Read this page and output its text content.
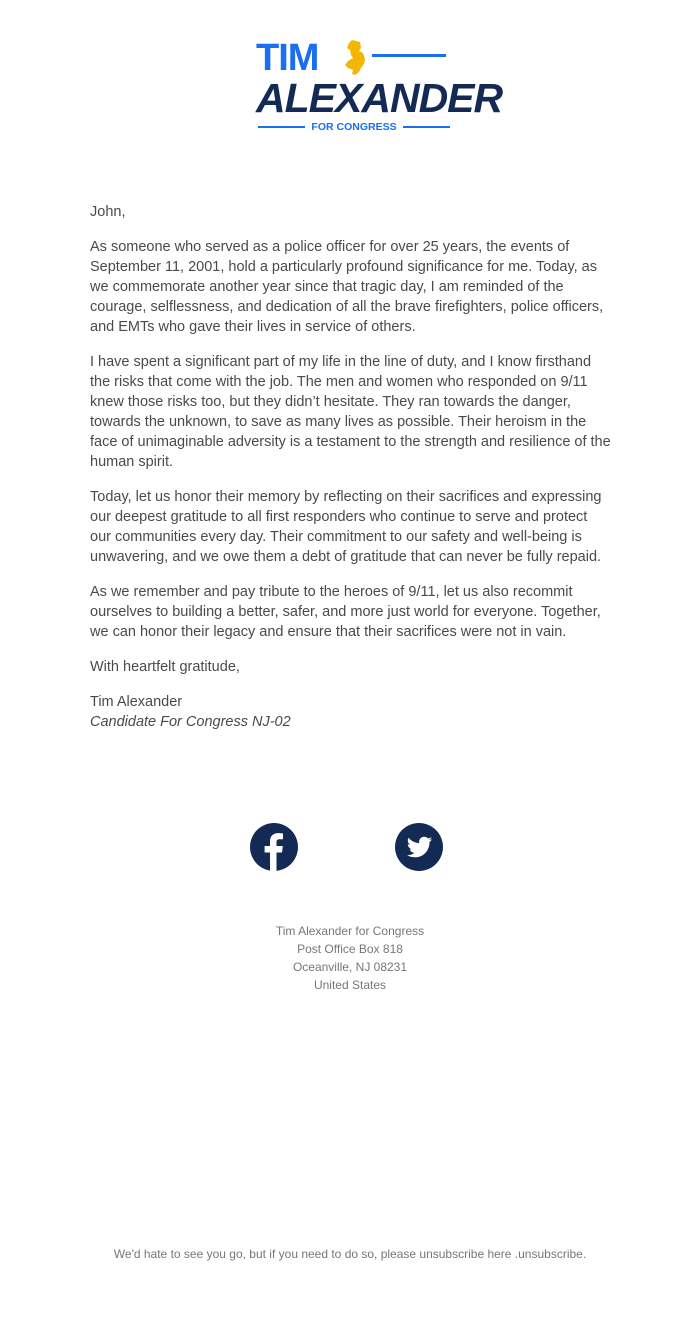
TIM
ALEXANDER
FOR CONGRESS

John,

As someone who served as a police officer for over 25 years, the events of September 11, 2001, hold a particularly profound significance for me. Today, as we commemorate another year since that tragic day, I am reminded of the courage, selflessness, and dedication of all the brave firefighters, police officers, and EMTs who gave their lives in service of others.

I have spent a significant part of my life in the line of duty, and I know firsthand the risks that come with the job. The men and women who responded on 9/11 knew those risks too, but they didn’t hesitate. They ran towards the danger, towards the unknown, to save as many lives as possible. Their heroism in the face of unimaginable adversity is a testament to the strength and resilience of the human spirit.

Today, let us honor their memory by reflecting on their sacrifices and expressing our deepest gratitude to all first responders who continue to serve and protect our communities every day. Their commitment to our safety and well-being is unwavering, and we owe them a debt of gratitude that can never be fully repaid.

As we remember and pay tribute to the heroes of 9/11, let us also recommit ourselves to building a better, safer, and more just world for everyone. Together, we can honor their legacy and ensure that their sacrifices were not in vain.

With heartfelt gratitude,

Tim Alexander
Candidate For Congress NJ-02

Tim Alexander for Congress
Post Office Box 818
Oceanville, NJ 08231
United States
We'd hate to see you go, but if you need to do so, please unsubscribe here .unsubscribe.
